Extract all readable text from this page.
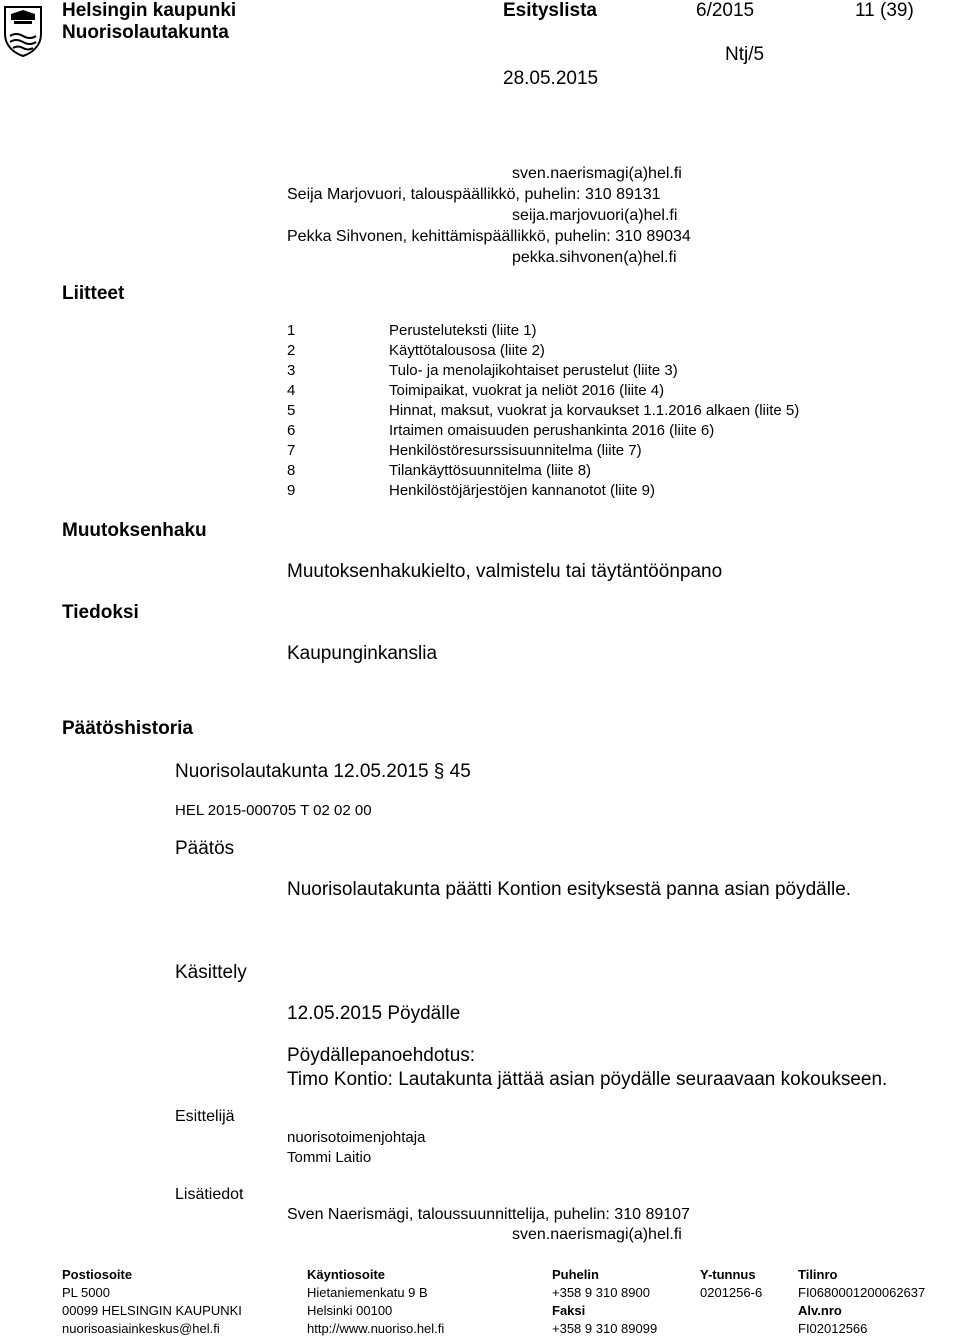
Helsingin kaupunki
Nuorisolautakunta
Esityslista	6/2015	11 (39)
Ntj/5
28.05.2015
sven.naerismagi(a)hel.fi
Seija Marjovuori, talouspäällikkö, puhelin: 310 89131
seija.marjovuori(a)hel.fi
Pekka Sihvonen, kehittämispäällikkö, puhelin: 310 89034
pekka.sihvonen(a)hel.fi
Liitteet
1	Perusteluteksti (liite 1)
2	Käyttötalousosa (liite 2)
3	Tulo- ja menolajikohtaiset perustelut (liite 3)
4	Toimipaikat, vuokrat ja neliöt 2016 (liite 4)
5	Hinnat, maksut, vuokrat ja korvaukset 1.1.2016 alkaen (liite 5)
6	Irtaimen omaisuuden perushankinta 2016 (liite 6)
7	Henkilöstöresurssisuunnitelma (liite 7)
8	Tilankäyttösuunnitelma (liite 8)
9	Henkilöstöjärjestöjen kannanotot (liite 9)
Muutoksenhaku
Muutoksenhakukielto, valmistelu tai täytäntöönpano
Tiedoksi
Kaupunginkanslia
Päätöshistoria
Nuorisolautakunta 12.05.2015 § 45
HEL 2015-000705 T 02 02 00
Päätös
Nuorisolautakunta päätti Kontion esityksestä panna asian pöydälle.
Käsittely
12.05.2015 Pöydälle
Pöydällepanoehdotus:
Timo Kontio: Lautakunta jättää asian pöydälle seuraavaan kokoukseen.
Esittelijä
nuorisotoimenjohtaja
Tommi Laitio
Lisätiedot
Sven Naerismägi, taloussuunnittelija, puhelin: 310 89107
sven.naerismagi(a)hel.fi
Postiosoite
PL 5000
00099 HELSINGIN KAUPUNKI
nuorisoasiainkeskus@hel.fi
Käyntiosoite
Hietaniemenkatu 9 B
Helsinki 00100
http://www.nuoriso.hel.fi
Puhelin
+358 9 310 8900
Faksi
+358 9 310 89099
Y-tunnus
0201256-6
Tilinro
FI0680001200062637
Alv.nro
FI02012566
